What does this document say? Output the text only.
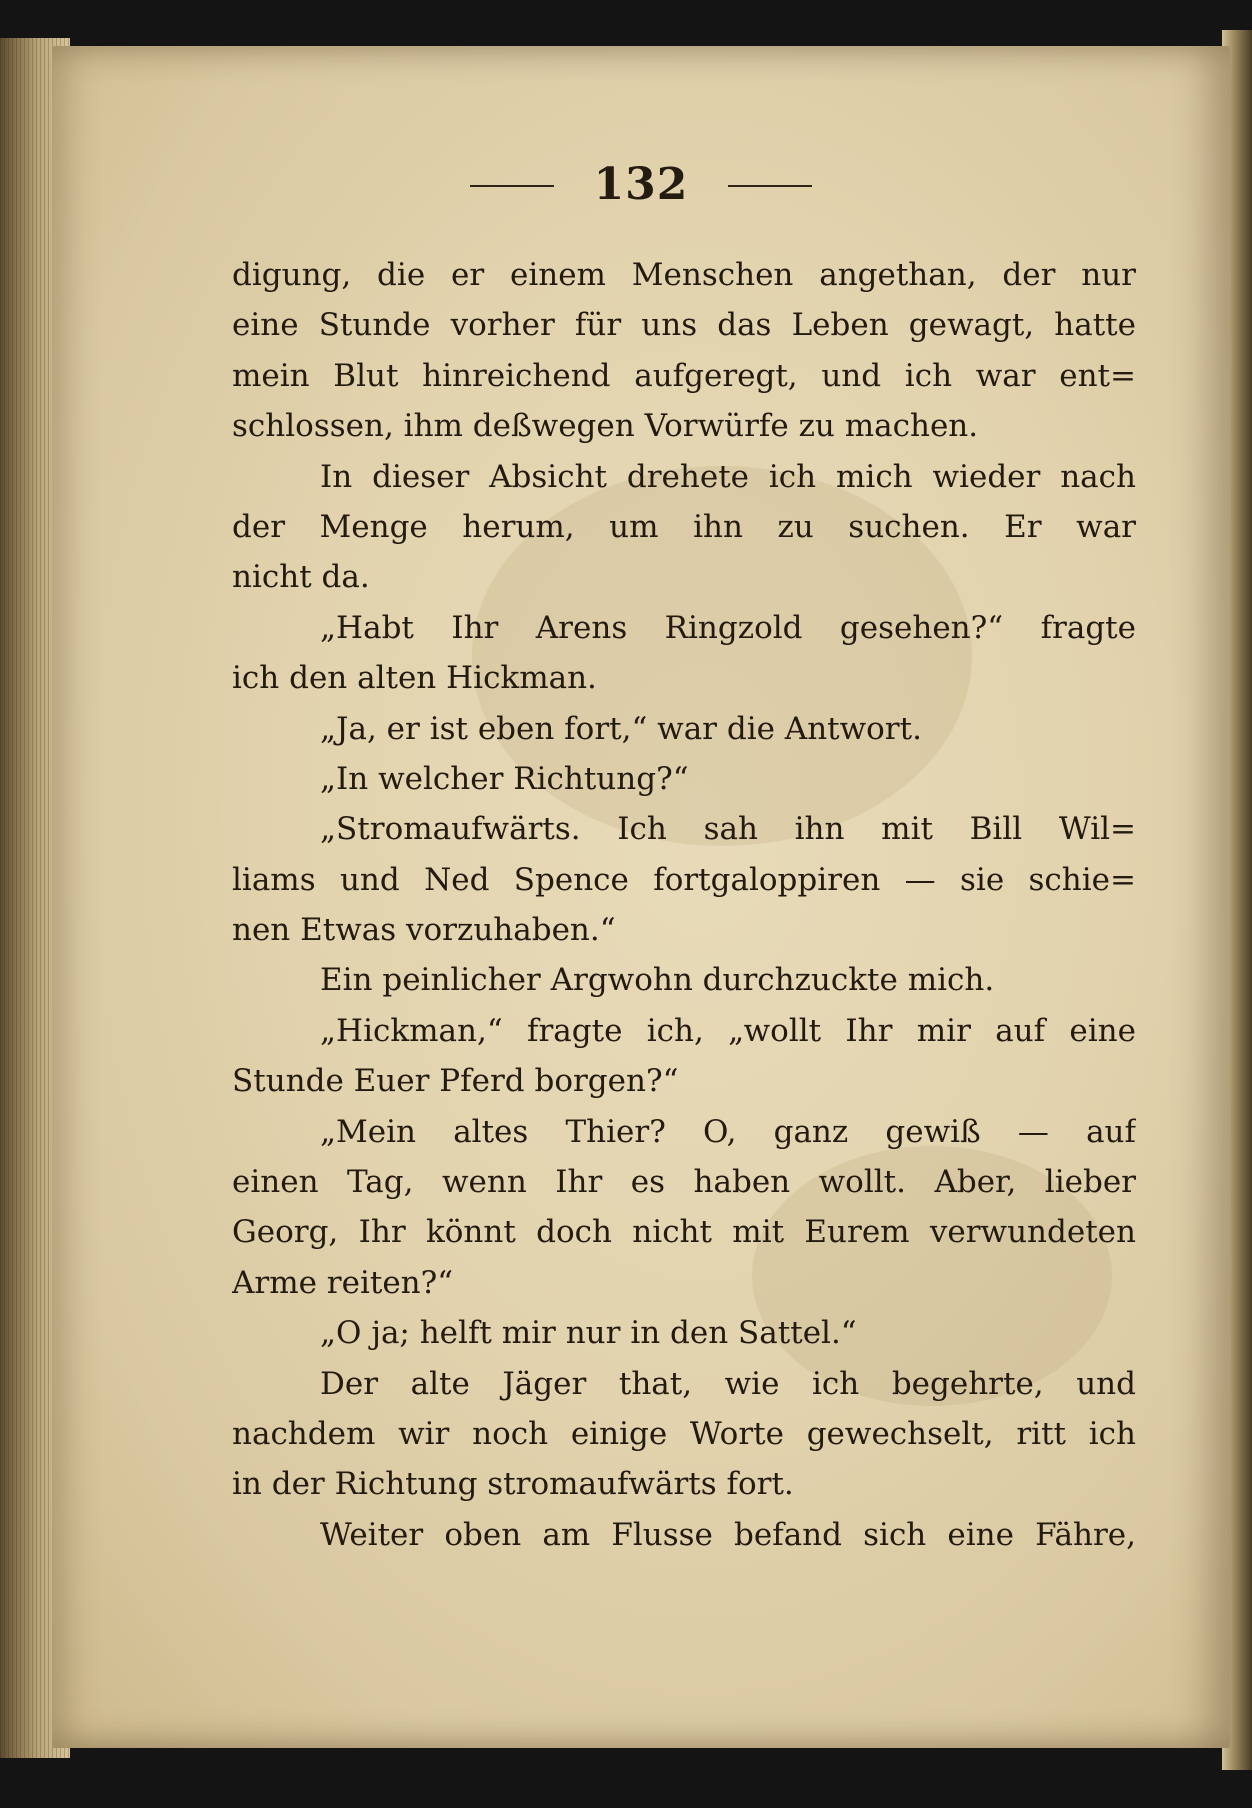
132
digung, die er einem Menschen angethan, der nur
eine Stunde vorher für uns das Leben gewagt, hatte
mein Blut hinreichend aufgeregt, und ich war ent=
schlossen, ihm deßwegen Vorwürfe zu machen.
In dieser Absicht drehete ich mich wieder nach
der Menge herum, um ihn zu suchen. Er war
nicht da.
„Habt Ihr Arens Ringzold gesehen?“ fragte
ich den alten Hickman.
„Ja, er ist eben fort,“ war die Antwort.
„In welcher Richtung?“
„Stromaufwärts. Ich sah ihn mit Bill Wil=
liams und Ned Spence fortgaloppiren — sie schie=
nen Etwas vorzuhaben.“
Ein peinlicher Argwohn durchzuckte mich.
„Hickman,“ fragte ich, „wollt Ihr mir auf eine
Stunde Euer Pferd borgen?“
„Mein altes Thier? O, ganz gewiß — auf
einen Tag, wenn Ihr es haben wollt. Aber, lieber
Georg, Ihr könnt doch nicht mit Eurem verwundeten
Arme reiten?“
„O ja; helft mir nur in den Sattel.“
Der alte Jäger that, wie ich begehrte, und
nachdem wir noch einige Worte gewechselt, ritt ich
in der Richtung stromaufwärts fort.
Weiter oben am Flusse befand sich eine Fähre,
